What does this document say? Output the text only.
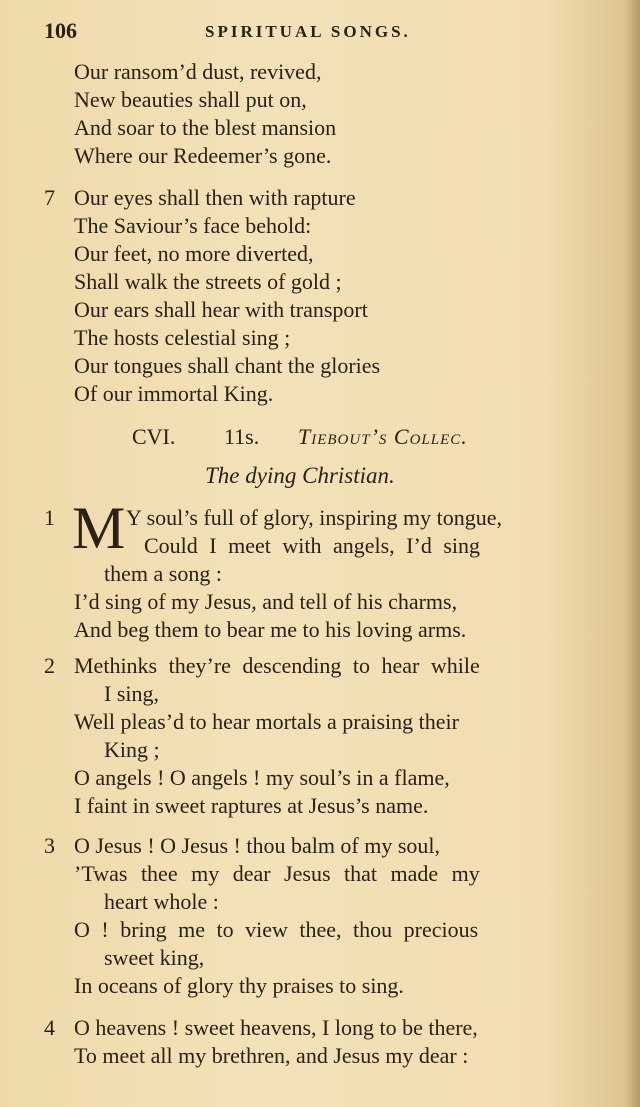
106	SPIRITUAL SONGS.
Our ransom’d dust, revived,
New beauties shall put on,
And soar to the blest mansion
Where our Redeemer’s gone.
7 Our eyes shall then with rapture
The Saviour’s face behold:
Our feet, no more diverted,
Shall walk the streets of gold ;
Our ears shall hear with transport
The hosts celestial sing ;
Our tongues shall chant the glories
Of our immortal King.
CVI. 11s. Tiebout’s Collec.
The dying Christian.
1 M Y soul’s full of glory, inspiring my tongue,
Could I meet with angels, I’d sing
them a song :
I’d sing of my Jesus, and tell of his charms,
And beg them to bear me to his loving arms.
2 Methinks they’re descending to hear while
I sing,
Well pleas’d to hear mortals a praising their
King ;
O angels ! O angels ! my soul’s in a flame,
I faint in sweet raptures at Jesus’s name.
3 O Jesus ! O Jesus ! thou balm of my soul,
’Twas thee my dear Jesus that made my
heart whole :
O ! bring me to view thee, thou precious
sweet king,
In oceans of glory thy praises to sing.
4 O heavens ! sweet heavens, I long to be there,
To meet all my brethren, and Jesus my dear :
